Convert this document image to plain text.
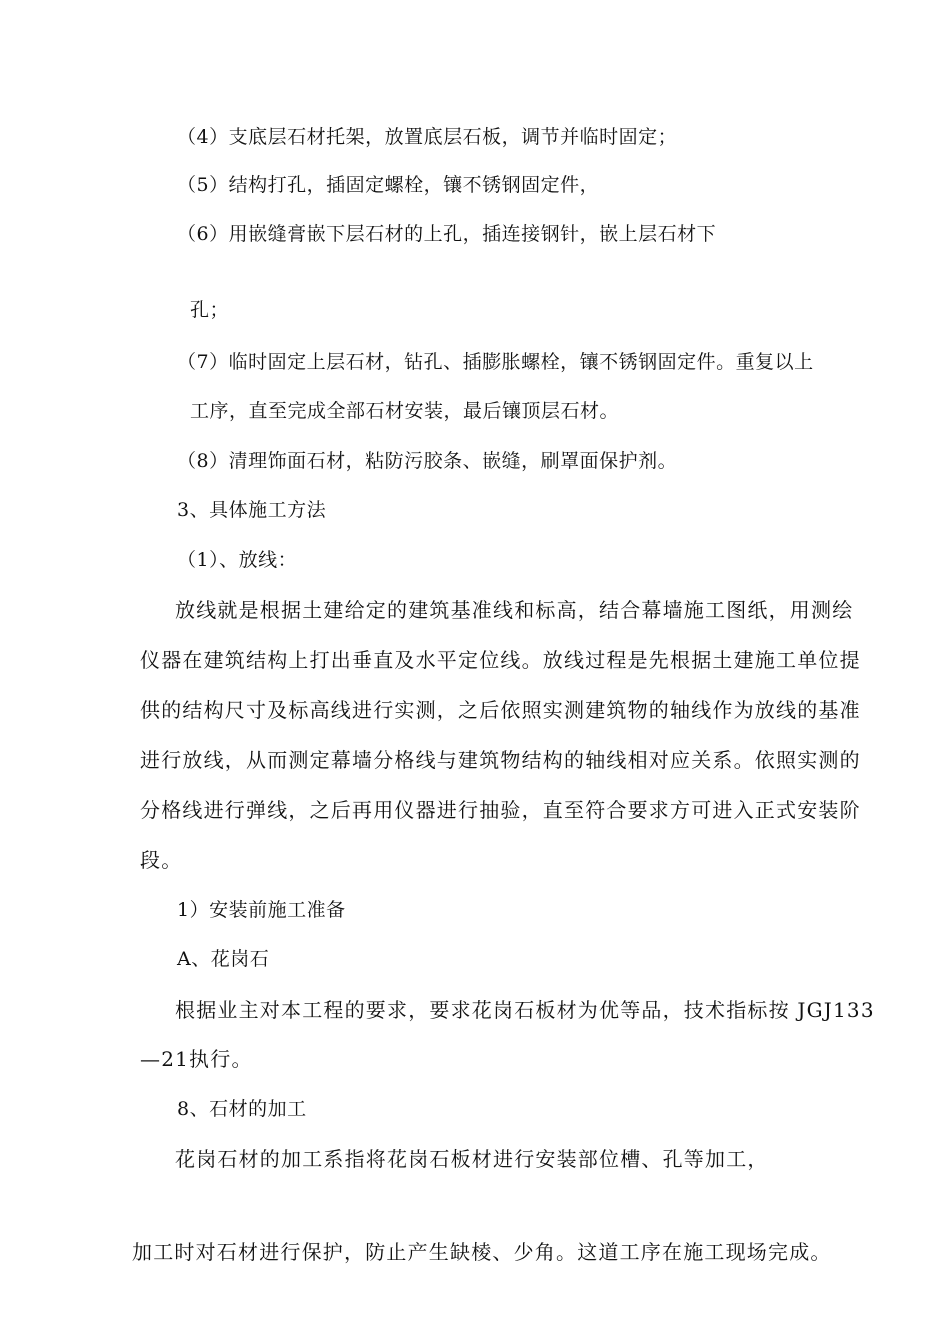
（4）支底层石材托架，放置底层石板，调节并临时固定；
（5）结构打孔，插固定螺栓，镶不锈钢固定件，
（6）用嵌缝膏嵌下层石材的上孔，插连接钢针，嵌上层石材下
孔；
（7）临时固定上层石材，钻孔、插膨胀螺栓，镶不锈钢固定件。重复以上
工序，直至完成全部石材安装，最后镶顶层石材。
（8）清理饰面石材，粘防污胶条、嵌缝，刷罩面保护剂。
3、具体施工方法
（1）、放线：
放线就是根据土建给定的建筑基准线和标高，结合幕墙施工图纸，用测绘
仪器在建筑结构上打出垂直及水平定位线。放线过程是先根据土建施工单位提
供的结构尺寸及标高线进行实测，之后依照实测建筑物的轴线作为放线的基准
进行放线，从而测定幕墙分格线与建筑物结构的轴线相对应关系。依照实测的
分格线进行弹线，之后再用仪器进行抽验，直至符合要求方可进入正式安装阶
段。
1）安装前施工准备
A、花岗石
根据业主对本工程的要求，要求花岗石板材为优等品，技术指标按 JGJ133
—21执行。
8、石材的加工
花岗石材的加工系指将花岗石板材进行安装部位槽、孔等加工，
加工时对石材进行保护，防止产生缺棱、少角。这道工序在施工现场完成。
